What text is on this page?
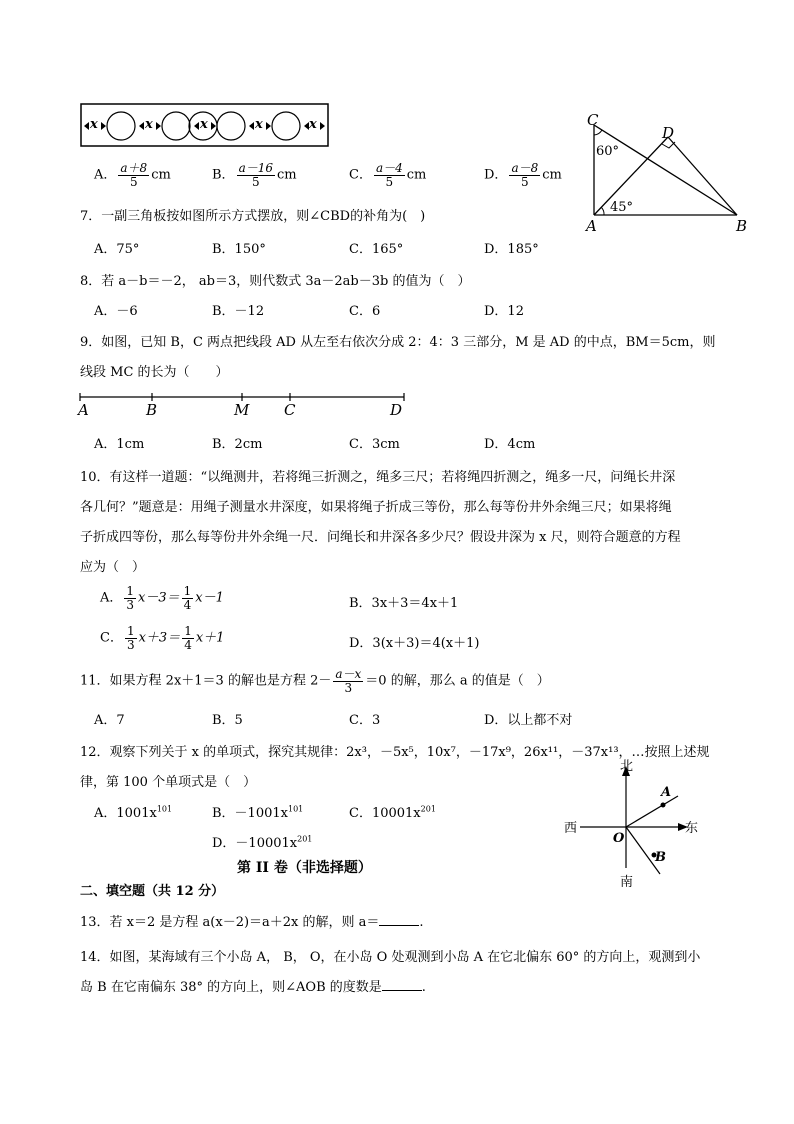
x	x	x	x	x
A． $\frac{a+8}{5}$ cm	B． $\frac{a-16}{5}$ cm	C． $\frac{a-4}{5}$ cm	D． $\frac{a-8}{5}$ cm
C
D
A	B
60°
45°
7．一副三角板按如图所示方式摆放，则∠CBD的补角为(　)
A．75°	B．150°	C．165°	D．185°
8．若 a－b＝－2， ab＝3，则代数式 3a－2ab－3b 的值为（　）
A．－6	B．－12	C．6	D．12
9．如图，已知 B，C 两点把线段 AD 从左至右依次分成 2：4：3 三部分，M 是 AD 的中点，BM＝5cm，则
线段 MC 的长为（　　）
A	B	M C	D
A．1cm	B．2cm	C．3cm	D．4cm
10．有这样一道题：“以绳测井，若将绳三折测之，绳多三尺；若将绳四折测之，绳多一尺，问绳长井深
各几何？”题意是：用绳子测量水井深度，如果将绳子折成三等份，那么每等份井外余绳三尺；如果将绳
子折成四等份，那么每等份井外余绳一尺．问绳长和井深各多少尺？假设井深为 x 尺，则符合题意的方程
应为（　）
A． $\frac{1}{3} x-3= \frac{1}{4} x-1$	B．3x＋3＝4x＋1
C． $\frac{1}{3} x+3= \frac{1}{4} x+1$	D．3(x＋3)＝4(x＋1)
11．如果方程 2x＋1＝3 的解也是方程 $2- \frac{a-x}{3} =0$ 的解，那么 a 的值是（　）
A．7	B．5	C．3	D．以上都不对
12．观察下列关于 x 的单项式，探究其规律：2x³，－5x⁵，10x⁷，－17x⁹，26x¹¹，－37x¹³，…按照上述规
律，第 100 个单项式是（　）
A．$1001x^{101}$	B．$-1001x^{101}$	C．$10001x^{201}$
D．$-10001x^{201}$
北
南
东
西
O
A
B
第 II 卷（非选择题）
二、填空题（共 12 分）
13．若 x＝2 是方程 a(x－2)＝a＋2x 的解，则 a＝	.
14．如图，某海域有三个小岛 A， B， O，在小岛 O 处观测到小岛 A 在它北偏东 60° 的方向上，观测到小
岛 B 在它南偏东 38° 的方向上，则∠AOB 的度数是	.
